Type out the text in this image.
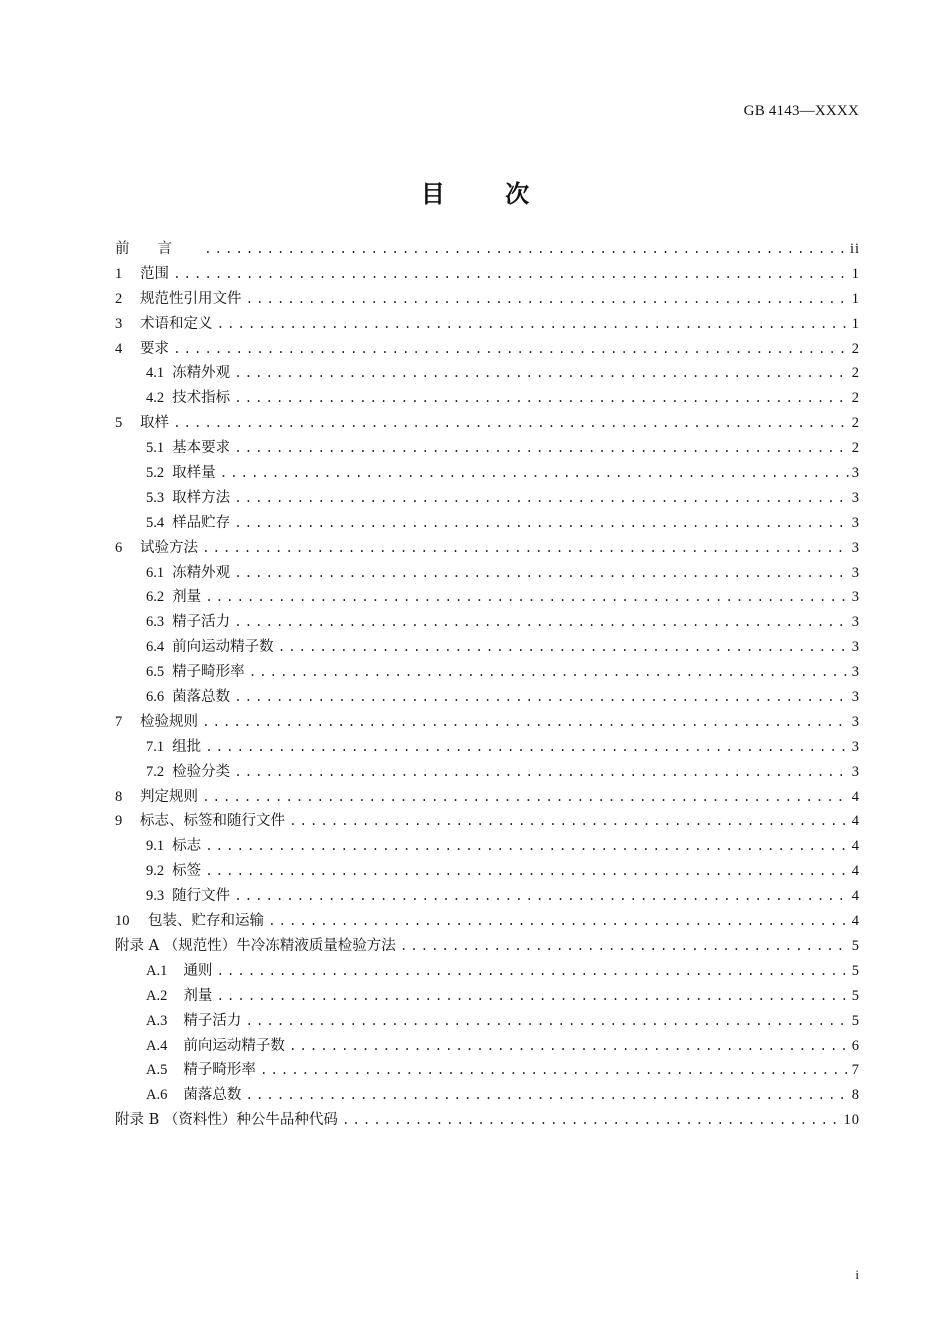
GB 4143—XXXX
目 次
前言 .....	ii
1	范围 .....	1
2	规范性引用文件 .....	1
3	术语和定义 .....	1
4	要求 .....	2
4.1 冻精外观 .....	2
4.2 技术指标 .....	2
5	取样 .....	2
5.1 基本要求 .....	2
5.2 取样量 .....	3
5.3 取样方法 .....	3
5.4 样品贮存 .....	3
6	试验方法 .....	3
6.1 冻精外观 .....	3
6.2 剂量 .....	3
6.3 精子活力 .....	3
6.4 前向运动精子数 .....	3
6.5 精子畸形率 .....	3
6.6 菌落总数 .....	3
7	检验规则 .....	3
7.1 组批 .....	3
7.2 检验分类 .....	3
8	判定规则 .....	4
9	标志、标签和随行文件 .....	4
9.1 标志 .....	4
9.2 标签 .....	4
9.3 随行文件 .....	4
10	包装、贮存和运输 .....	4
附录 A （规范性）牛冷冻精液质量检验方法 .....	5
A.1 通则 .....	5
A.2 剂量 .....	5
A.3 精子活力 .....	5
A.4 前向运动精子数 .....	6
A.5 精子畸形率 .....	7
A.6 菌落总数 .....	8
附录 B （资料性）种公牛品种代码 .....	10
i
